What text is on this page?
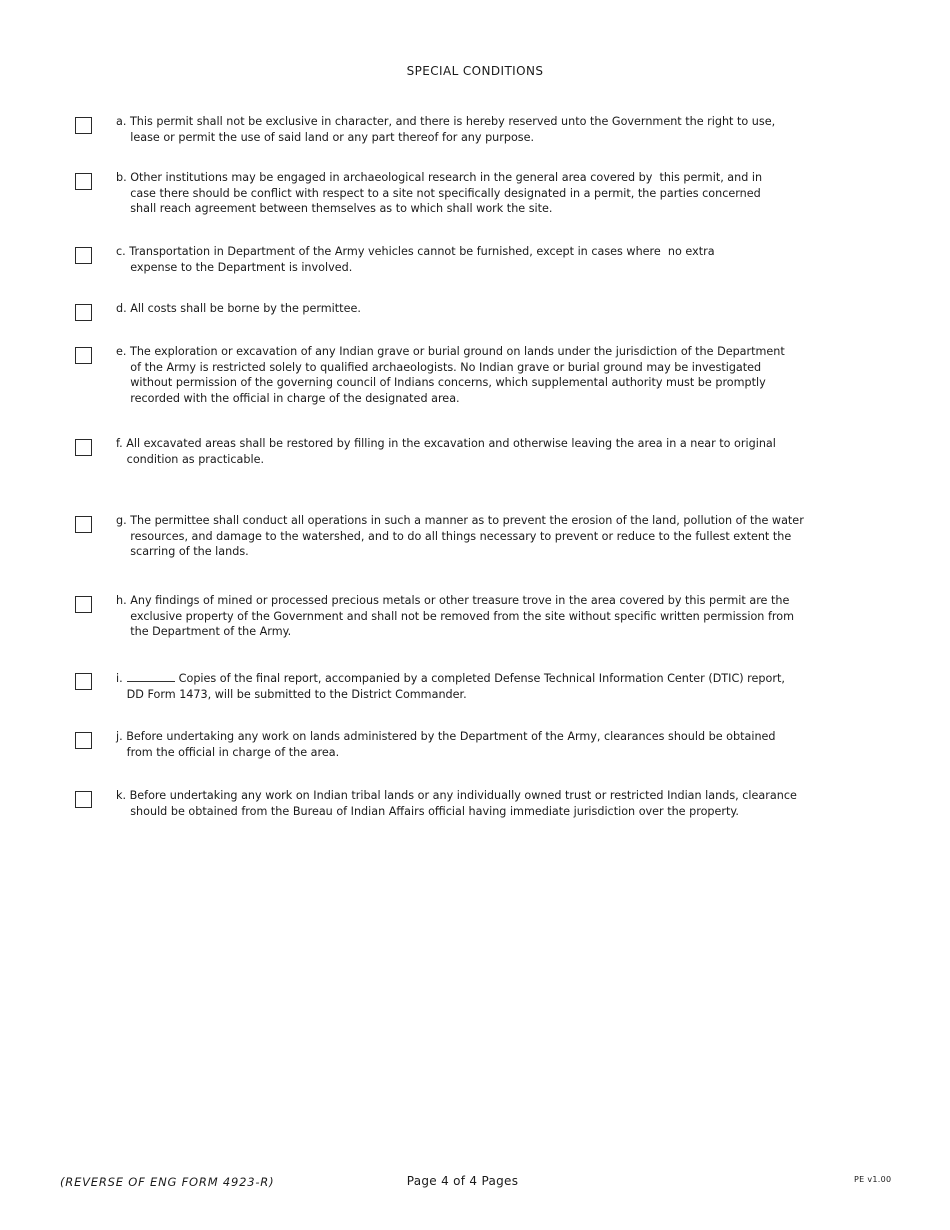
SPECIAL CONDITIONS
a. This permit shall not be exclusive in character, and there is hereby reserved unto the Government the right to use,
lease or permit the use of said land or any part thereof for any purpose.
b. Other institutions may be engaged in archaeological research in the general area covered by  this permit, and in
case there should be conflict with respect to a site not specifically designated in a permit, the parties concerned
shall reach agreement between themselves as to which shall work the site.
c. Transportation in Department of the Army vehicles cannot be furnished, except in cases where  no extra
expense to the Department is involved.
d. All costs shall be borne by the permittee.
e. The exploration or excavation of any Indian grave or burial ground on lands under the jurisdiction of the Department
of the Army is restricted solely to qualified archaeologists. No Indian grave or burial ground may be investigated
without permission of the governing council of Indians concerns, which supplemental authority must be promptly
recorded with the official in charge of the designated area.
f. All excavated areas shall be restored by filling in the excavation and otherwise leaving the area in a near to original
condition as practicable.
g. The permittee shall conduct all operations in such a manner as to prevent the erosion of the land, pollution of the water
resources, and damage to the watershed, and to do all things necessary to prevent or reduce to the fullest extent the
scarring of the lands.
h. Any findings of mined or processed precious metals or other treasure trove in the area covered by this permit are the
exclusive property of the Government and shall not be removed from the site without specific written permission from
the Department of the Army.
i.	Copies of the final report, accompanied by a completed Defense Technical Information Center (DTIC) report,
DD Form 1473, will be submitted to the District Commander.
j. Before undertaking any work on lands administered by the Department of the Army, clearances should be obtained
from the official in charge of the area.
k. Before undertaking any work on Indian tribal lands or any individually owned trust or restricted Indian lands, clearance
should be obtained from the Bureau of Indian Affairs official having immediate jurisdiction over the property.
(REVERSE OF ENG FORM 4923-R)	Page 4 of 4 Pages	PE v1.00
